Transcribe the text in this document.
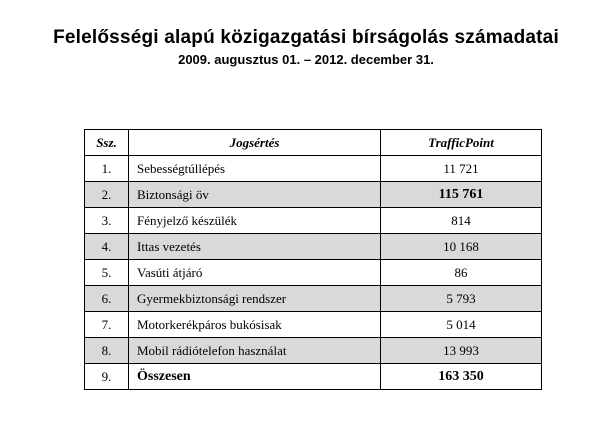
Felelősségi alapú közigazgatási bírságolás számadatai
2009. augusztus 01. – 2012. december 31.
Ssz.	Jogsértés	TrafficPoint
1.	Sebességtúllépés	11 721
2.	Biztonsági öv	115 761
3.	Fényjelző készülék	814
4.	Ittas vezetés	10 168
5.	Vasúti átjáró	86
6.	Gyermekbiztonsági rendszer	5 793
7.	Motorkerékpáros bukósisak	5 014
8.	Mobil rádiótelefon használat	13 993
9.	Összesen	163 350
